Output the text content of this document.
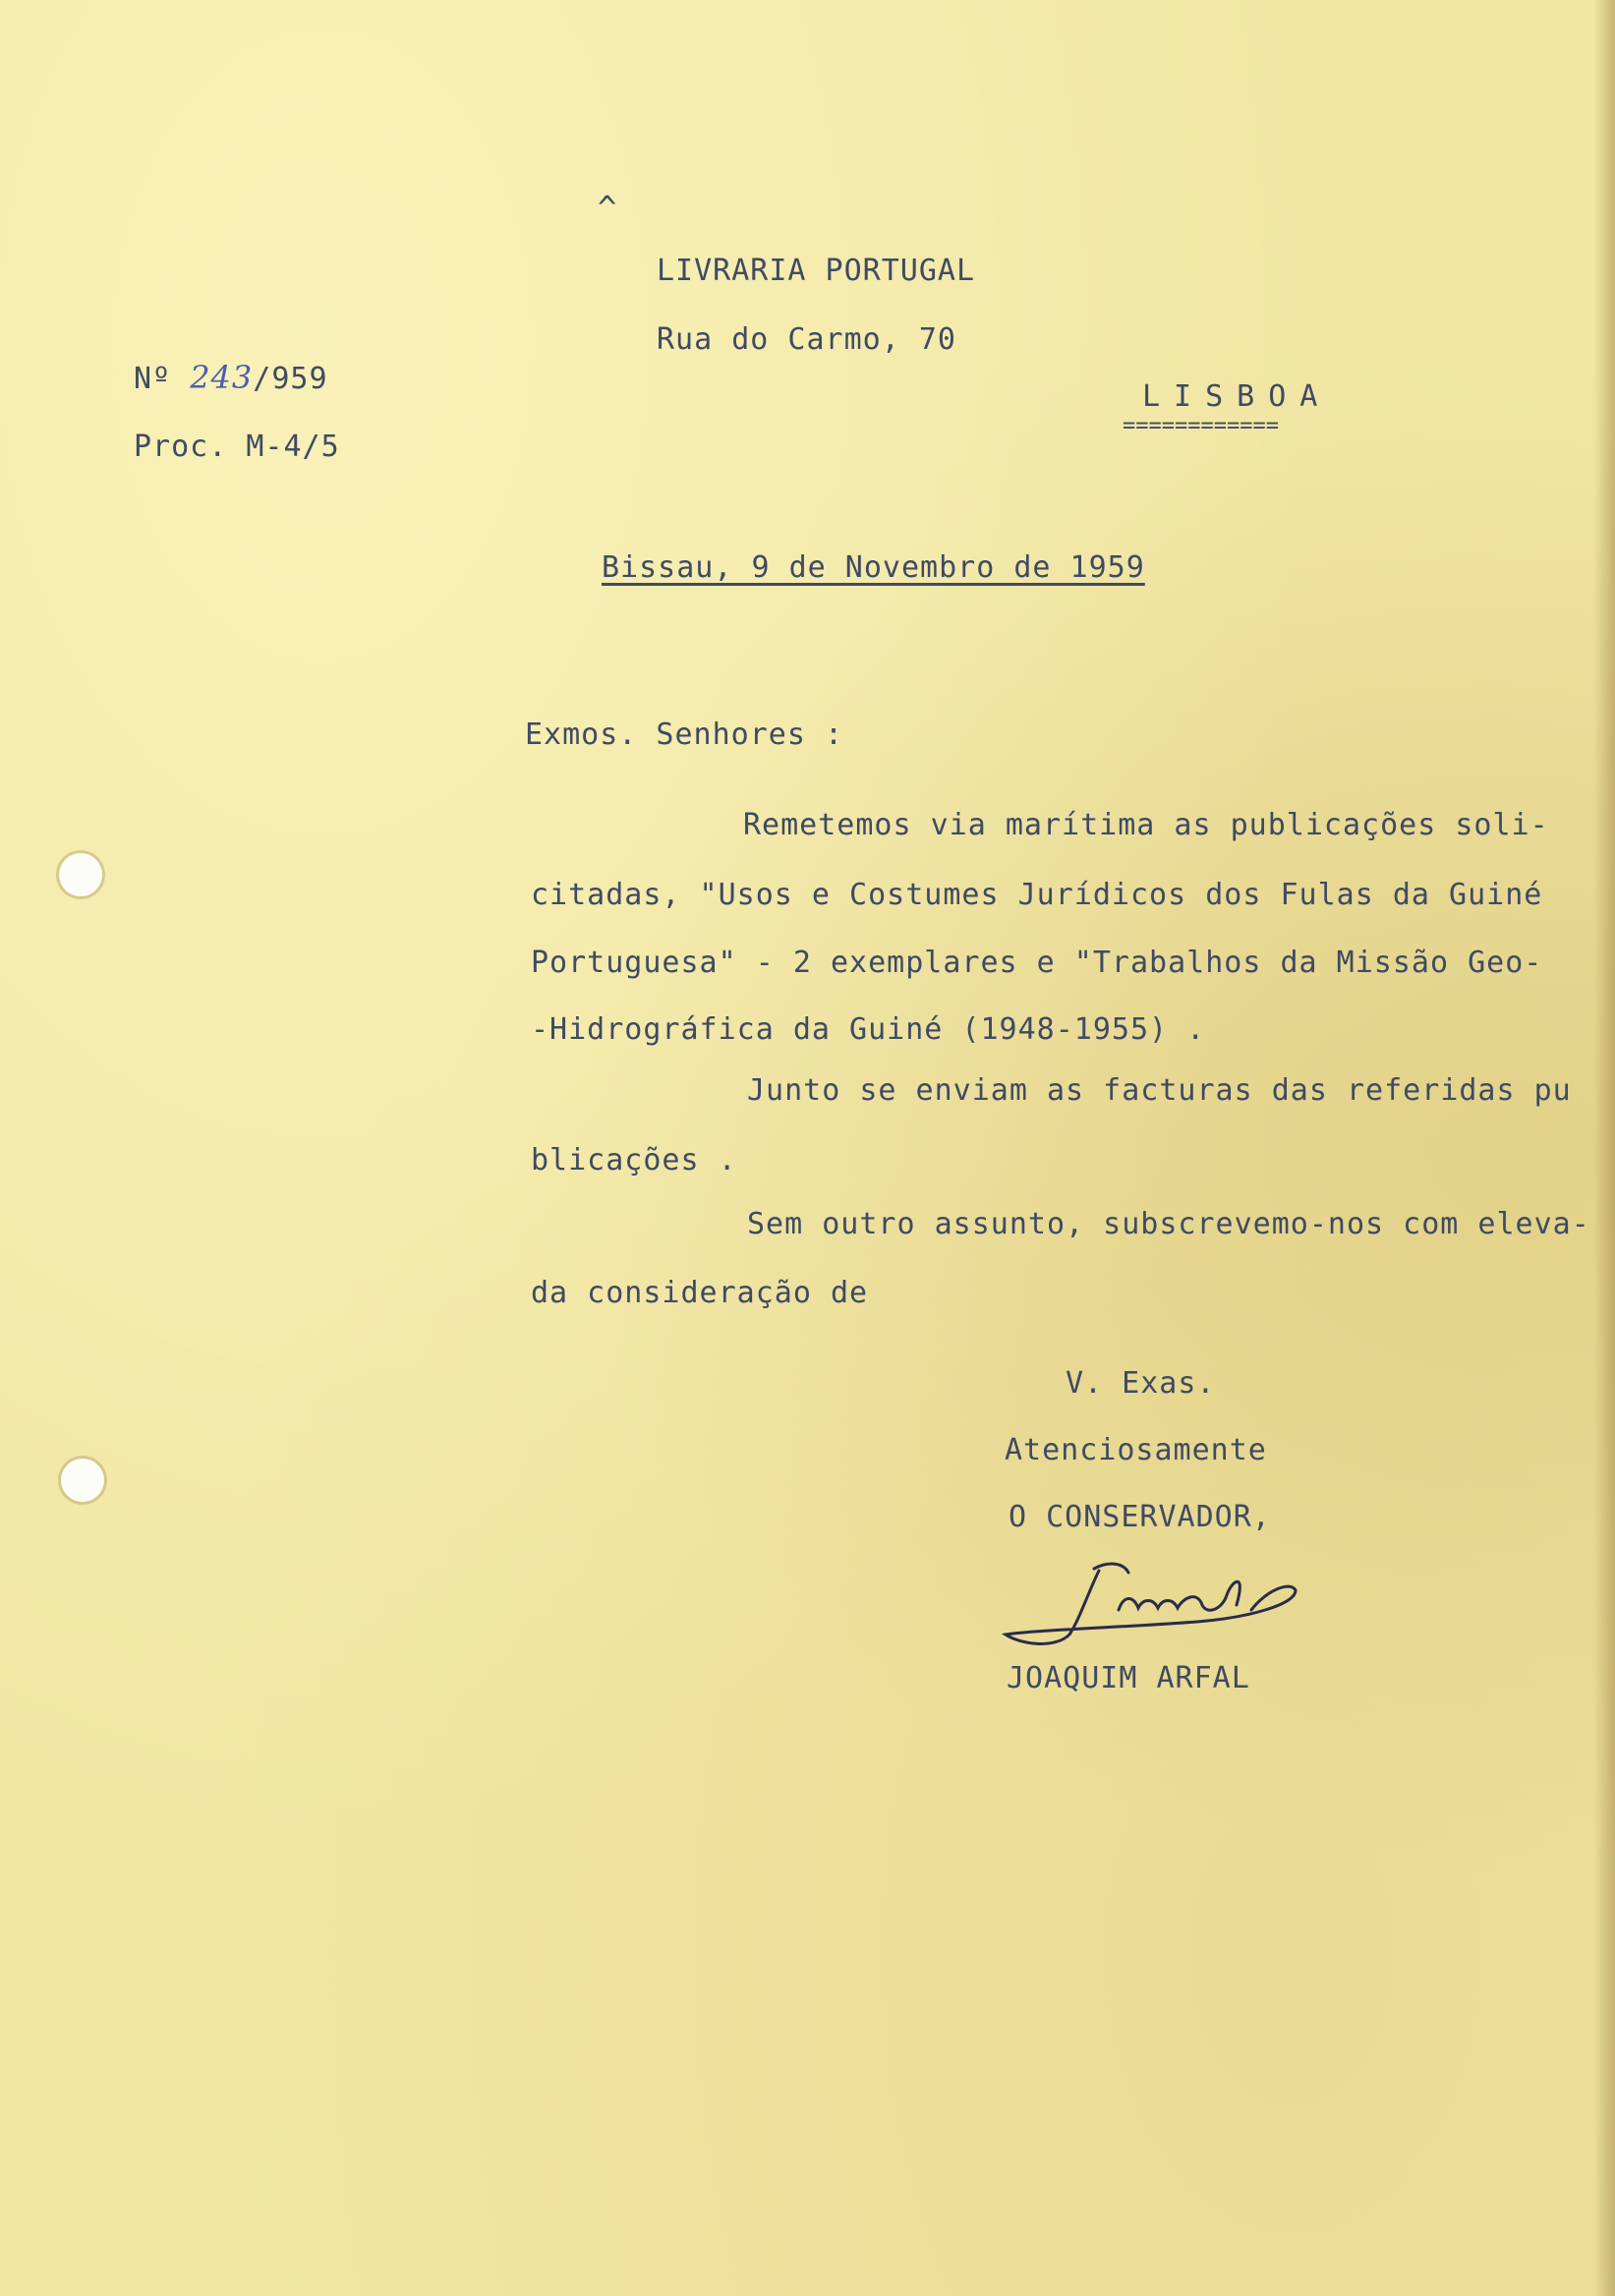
^
Nº 243/959
Proc. M-4/5
LIVRARIA PORTUGAL
Rua do Carmo, 70
LISBOA
============
Bissau, 9 de Novembro de 1959
Exmos. Senhores :
Remetemos via marítima as publicações soli-
citadas, "Usos e Costumes Jurídicos dos Fulas da Guiné
Portuguesa" - 2 exemplares e "Trabalhos da Missão Geo-
-Hidrográfica da Guiné (1948-1955) .
Junto se enviam as facturas das referidas pu
blicações .
Sem outro assunto, subscrevemo-nos com eleva-
da consideração de
V. Exas.
Atenciosamente
O CONSERVADOR,
JOAQUIM ARFAL
